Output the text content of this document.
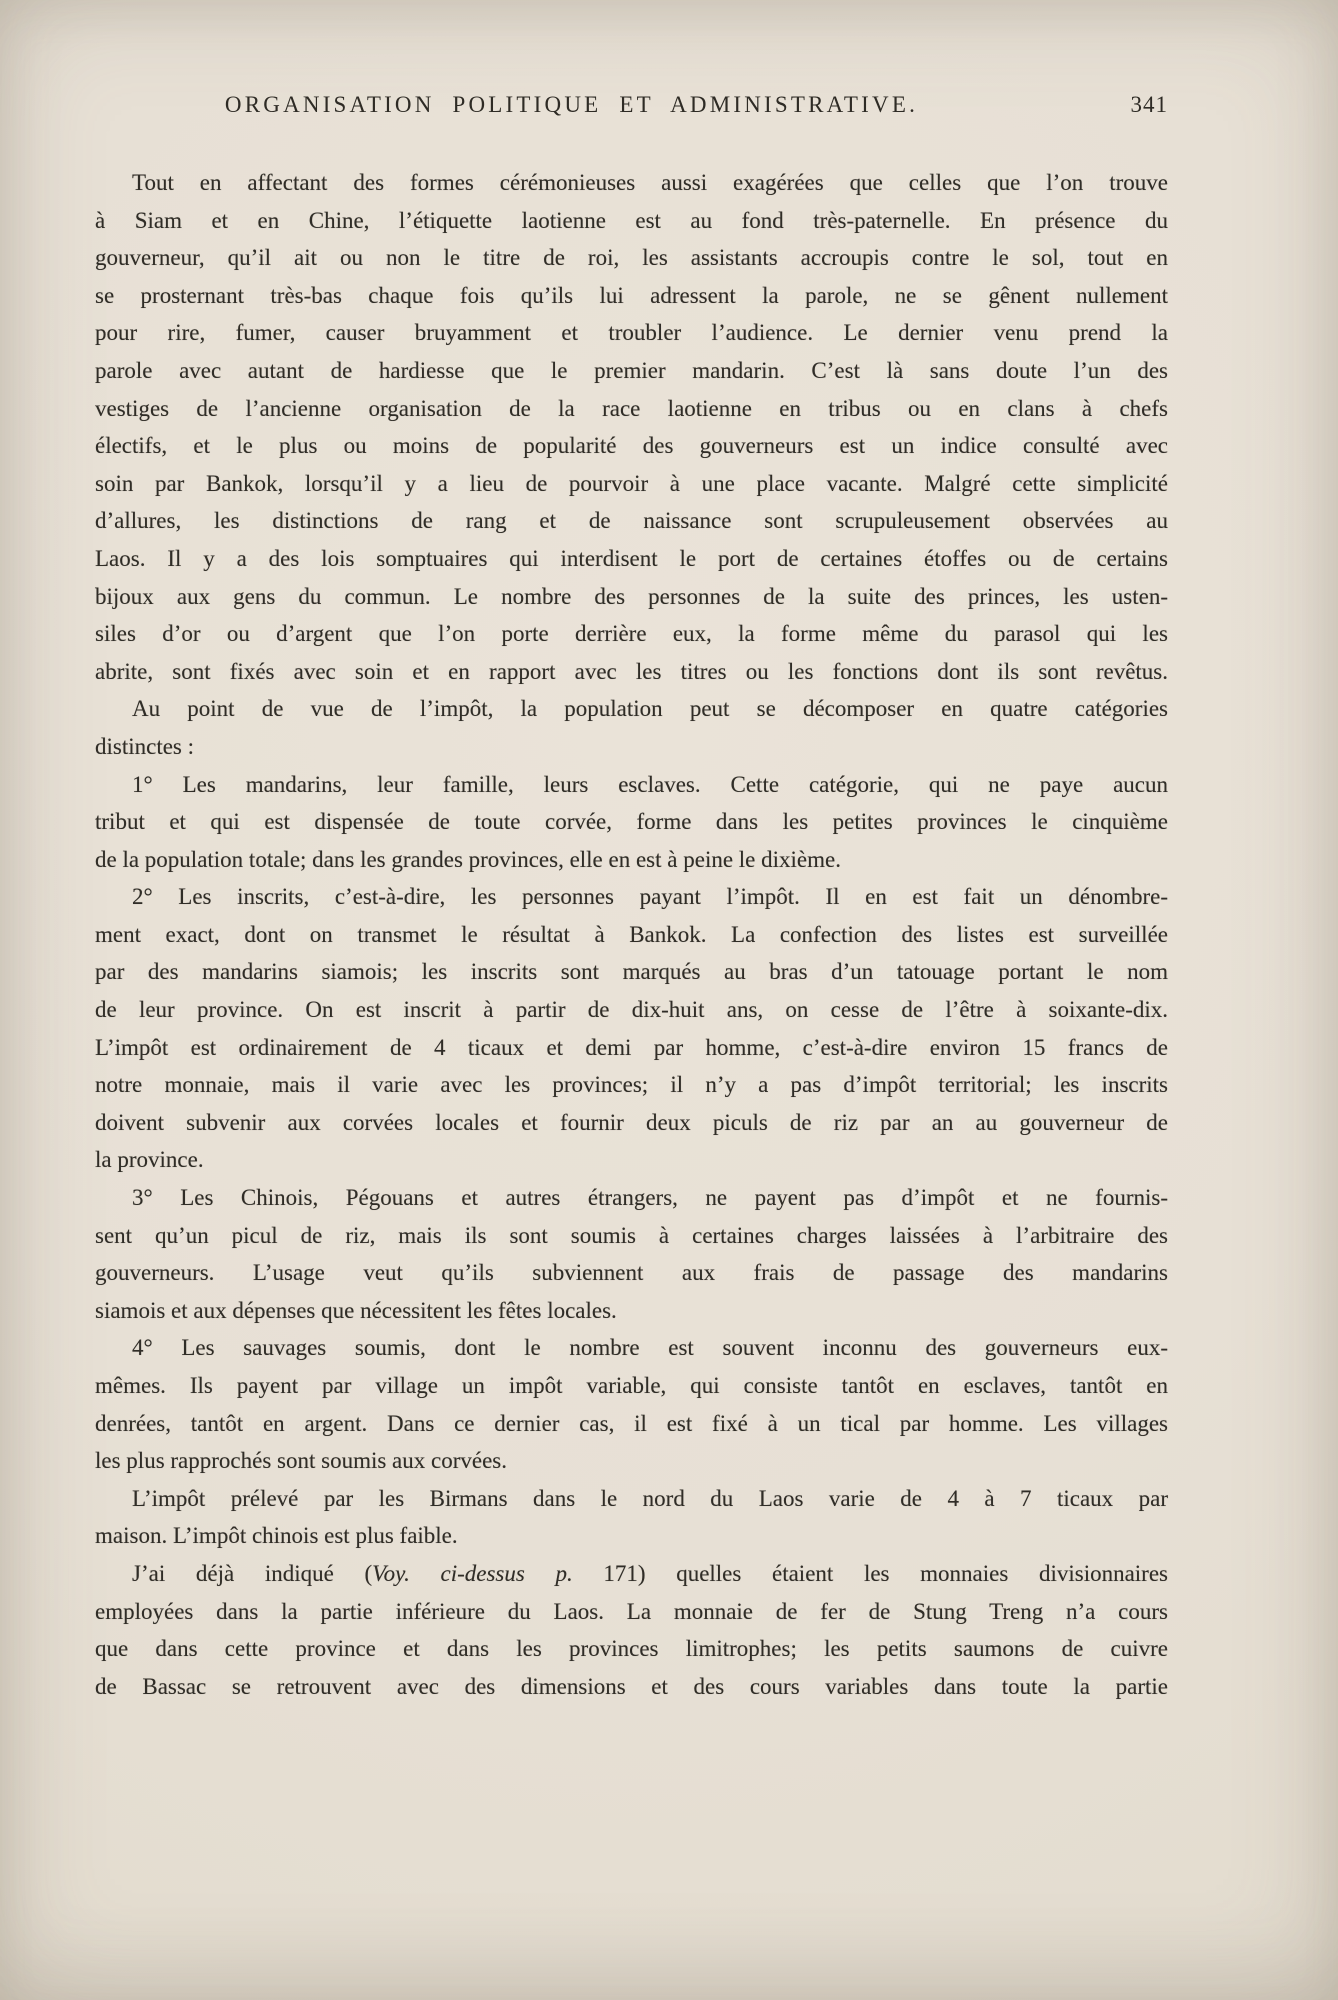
ORGANISATION POLITIQUE ET ADMINISTRATIVE.	341
Tout en affectant des formes cérémonieuses aussi exagérées que celles que l’on trouve
à Siam et en Chine, l’étiquette laotienne est au fond très-paternelle. En présence du
gouverneur, qu’il ait ou non le titre de roi, les assistants accroupis contre le sol, tout en
se prosternant très-bas chaque fois qu’ils lui adressent la parole, ne se gênent nullement
pour rire, fumer, causer bruyamment et troubler l’audience. Le dernier venu prend la
parole avec autant de hardiesse que le premier mandarin. C’est là sans doute l’un des
vestiges de l’ancienne organisation de la race laotienne en tribus ou en clans à chefs
électifs, et le plus ou moins de popularité des gouverneurs est un indice consulté avec
soin par Bankok, lorsqu’il y a lieu de pourvoir à une place vacante. Malgré cette simplicité
d’allures, les distinctions de rang et de naissance sont scrupuleusement observées au
Laos. Il y a des lois somptuaires qui interdisent le port de certaines étoffes ou de certains
bijoux aux gens du commun. Le nombre des personnes de la suite des princes, les usten-
siles d’or ou d’argent que l’on porte derrière eux, la forme même du parasol qui les
abrite, sont fixés avec soin et en rapport avec les titres ou les fonctions dont ils sont revêtus.
Au point de vue de l’impôt, la population peut se décomposer en quatre catégories
distinctes :
1° Les mandarins, leur famille, leurs esclaves. Cette catégorie, qui ne paye aucun
tribut et qui est dispensée de toute corvée, forme dans les petites provinces le cinquième
de la population totale; dans les grandes provinces, elle en est à peine le dixième.
2° Les inscrits, c’est-à-dire, les personnes payant l’impôt. Il en est fait un dénombre-
ment exact, dont on transmet le résultat à Bankok. La confection des listes est surveillée
par des mandarins siamois; les inscrits sont marqués au bras d’un tatouage portant le nom
de leur province. On est inscrit à partir de dix-huit ans, on cesse de l’être à soixante-dix.
L’impôt est ordinairement de 4 ticaux et demi par homme, c’est-à-dire environ 15 francs de
notre monnaie, mais il varie avec les provinces; il n’y a pas d’impôt territorial; les inscrits
doivent subvenir aux corvées locales et fournir deux piculs de riz par an au gouverneur de
la province.
3° Les Chinois, Pégouans et autres étrangers, ne payent pas d’impôt et ne fournis-
sent qu’un picul de riz, mais ils sont soumis à certaines charges laissées à l’arbitraire des
gouverneurs. L’usage veut qu’ils subviennent aux frais de passage des mandarins
siamois et aux dépenses que nécessitent les fêtes locales.
4° Les sauvages soumis, dont le nombre est souvent inconnu des gouverneurs eux-
mêmes. Ils payent par village un impôt variable, qui consiste tantôt en esclaves, tantôt en
denrées, tantôt en argent. Dans ce dernier cas, il est fixé à un tical par homme. Les villages
les plus rapprochés sont soumis aux corvées.
L’impôt prélevé par les Birmans dans le nord du Laos varie de 4 à 7 ticaux par
maison. L’impôt chinois est plus faible.
J’ai déjà indiqué (Voy. ci-dessus p. 171) quelles étaient les monnaies divisionnaires
employées dans la partie inférieure du Laos. La monnaie de fer de Stung Treng n’a cours
que dans cette province et dans les provinces limitrophes; les petits saumons de cuivre
de Bassac se retrouvent avec des dimensions et des cours variables dans toute la partie
